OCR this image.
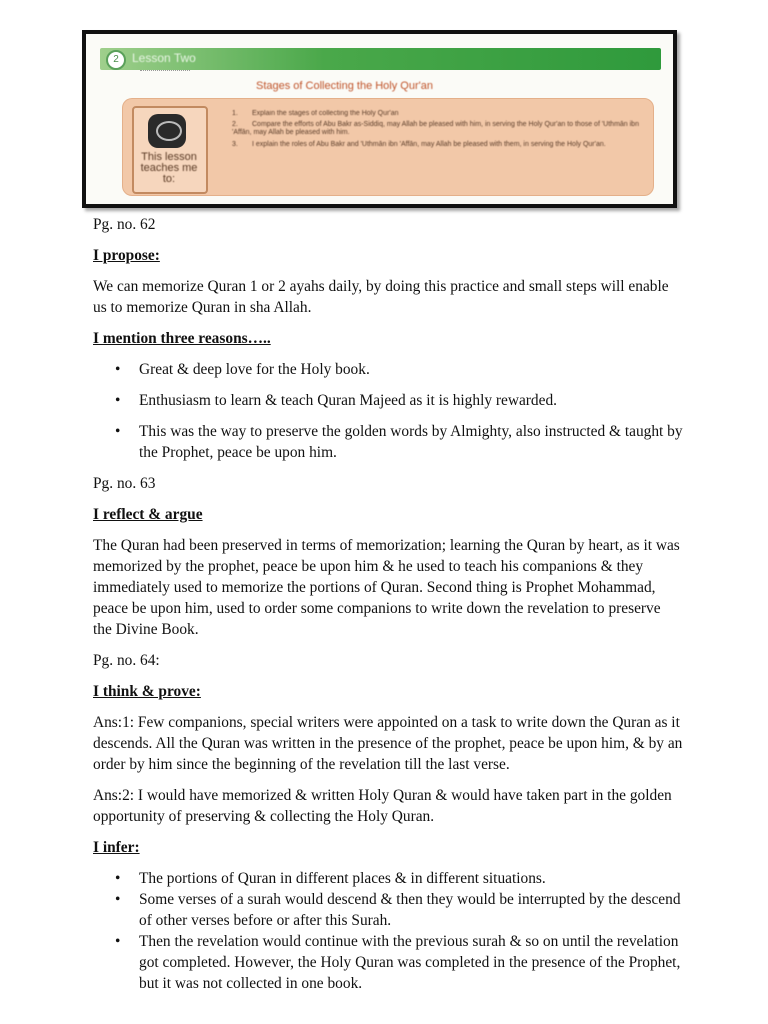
2	Lesson Two
Stages of Collecting the Holy Qur'an
This lesson teaches me to:
1. Explain the stages of collecting the Holy Qur'an
2. Compare the efforts of Abu Bakr as-Siddiq, may Allah be pleased with him, in serving the Holy Qur'an to those of 'Uthmān ibn 'Affān, may Allah be pleased with him.
3. I explain the roles of Abu Bakr and 'Uthmān ibn 'Affān, may Allah be pleased with them, in serving the Holy Qur'an.

Pg. no. 62

I propose:

We can memorize Quran 1 or 2 ayahs daily, by doing this practice and small steps will enable us to memorize Quran in sha Allah.

I mention three reasons…..

• Great & deep love for the Holy book.
• Enthusiasm to learn & teach Quran Majeed as it is highly rewarded.
• This was the way to preserve the golden words by Almighty, also instructed & taught by the Prophet, peace be upon him.

Pg. no. 63

I reflect & argue

The Quran had been preserved in terms of memorization; learning the Quran by heart, as it was memorized by the prophet, peace be upon him & he used to teach his companions & they immediately used to memorize the portions of Quran. Second thing is Prophet Mohammad, peace be upon him, used to order some companions to write down the revelation to preserve the Divine Book.

Pg. no. 64:

I think & prove:

Ans:1: Few companions, special writers were appointed on a task to write down the Quran as it descends. All the Quran was written in the presence of the prophet, peace be upon him, & by an order by him since the beginning of the revelation till the last verse.

Ans:2: I would have memorized & written Holy Quran & would have taken part in the golden opportunity of preserving & collecting the Holy Quran.

I infer:

• The portions of Quran in different places & in different situations.
• Some verses of a surah would descend & then they would be interrupted by the descend of other verses before or after this Surah.
• Then the revelation would continue with the previous surah & so on until the revelation got completed. However, the Holy Quran was completed in the presence of the Prophet, but it was not collected in one book.
